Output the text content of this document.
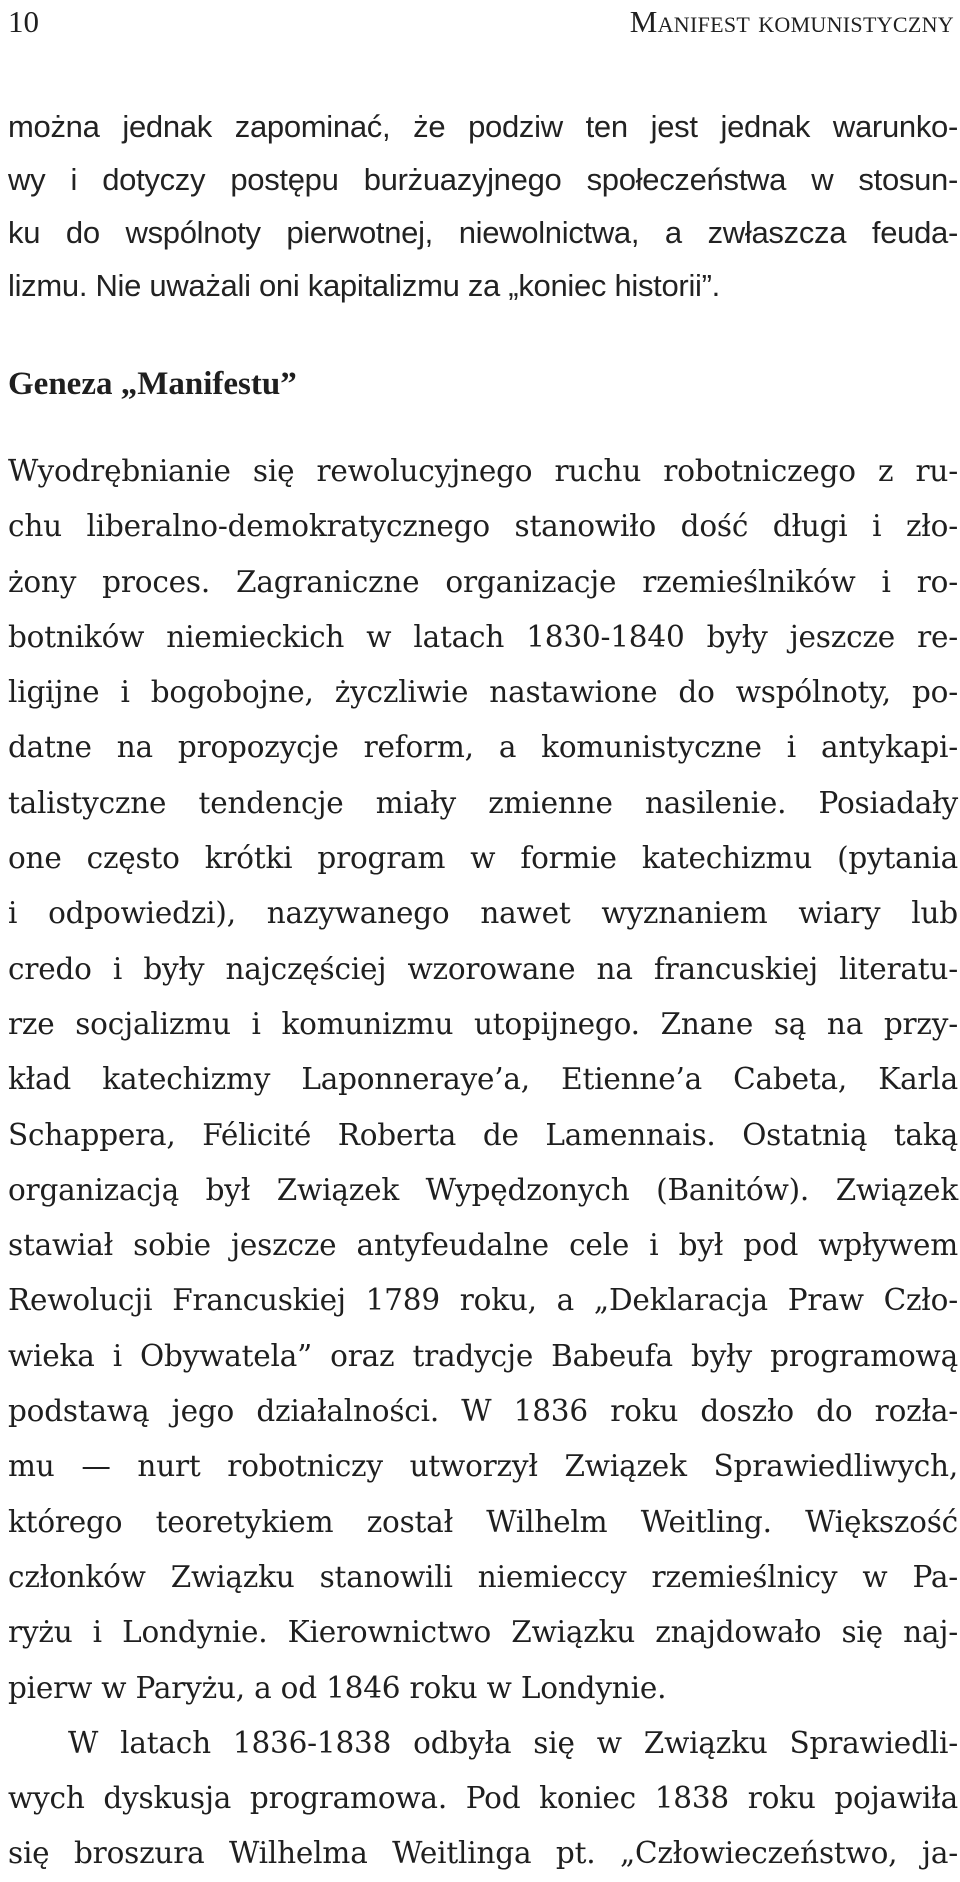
10	Manifest komunistyczny
można jednak zapominać, że podziw ten jest jednak warunko-
wy i dotyczy postępu burżuazyjnego społeczeństwa w stosun-
ku do wspólnoty pierwotnej, niewolnictwa, a zwłaszcza feuda-
lizmu. Nie uważali oni kapitalizmu za „koniec historii”.
Geneza „Manifestu”
Wyodrębnianie się rewolucyjnego ruchu robotniczego z ru-
chu liberalno-demokratycznego stanowiło dość długi i zło-
żony proces. Zagraniczne organizacje rzemieślników i ro-
botników niemieckich w latach 1830-1840 były jeszcze re-
ligijne i bogobojne, życzliwie nastawione do wspólnoty, po-
datne na propozycje reform, a komunistyczne i antykapi-
talistyczne tendencje miały zmienne nasilenie. Posiadały
one często krótki program w formie katechizmu (pytania
i odpowiedzi), nazywanego nawet wyznaniem wiary lub
credo i były najczęściej wzorowane na francuskiej literatu-
rze socjalizmu i komunizmu utopijnego. Znane są na przy-
kład katechizmy Laponneraye’a, Etienne’a Cabeta, Karla
Schappera, Félicité Roberta de Lamennais. Ostatnią taką
organizacją był Związek Wypędzonych (Banitów). Związek
stawiał sobie jeszcze antyfeudalne cele i był pod wpływem
Rewolucji Francuskiej 1789 roku, a „Deklaracja Praw Czło-
wieka i Obywatela” oraz tradycje Babeufa były programową
podstawą jego działalności. W 1836 roku doszło do rozła-
mu — nurt robotniczy utworzył Związek Sprawiedliwych,
którego teoretykiem został Wilhelm Weitling. Większość
członków Związku stanowili niemieccy rzemieślnicy w Pa-
ryżu i Londynie. Kierownictwo Związku znajdowało się naj-
pierw w Paryżu, a od 1846 roku w Londynie.
W latach 1836-1838 odbyła się w Związku Sprawiedli-
wych dyskusja programowa. Pod koniec 1838 roku pojawiła
się broszura Wilhelma Weitlinga pt. „Człowieczeństwo, ja-
